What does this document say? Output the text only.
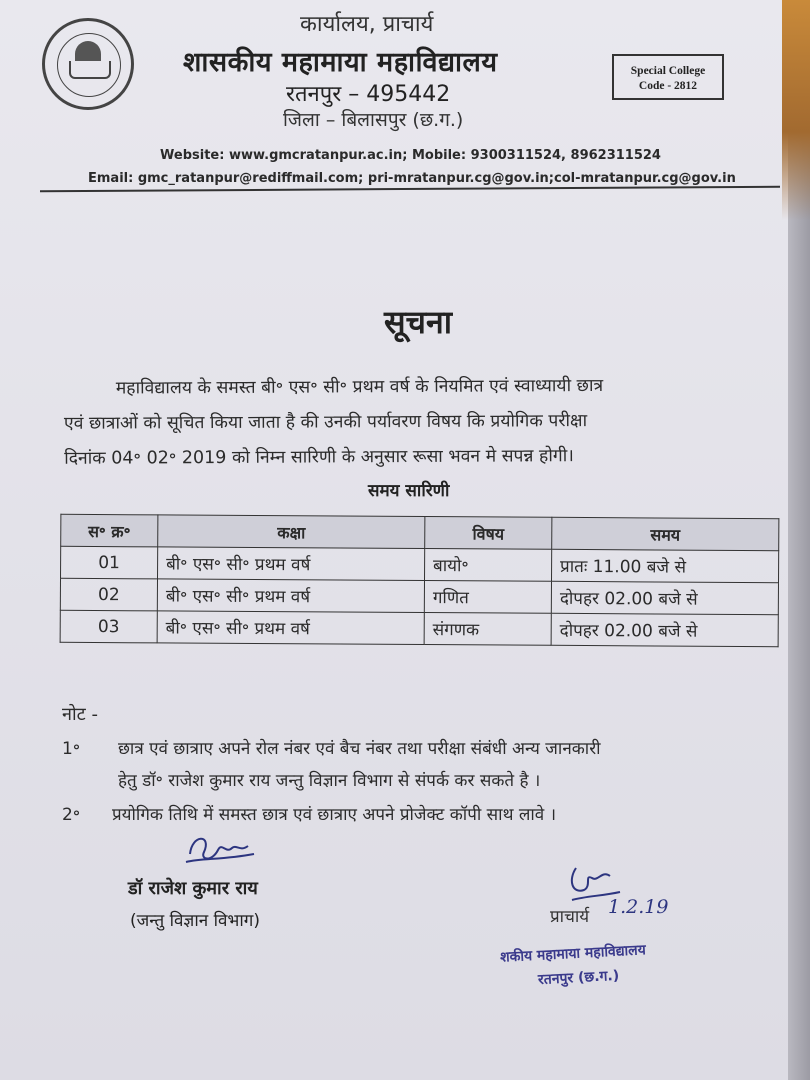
कार्यालय, प्राचार्य
शासकीय महामाया महाविद्यालय
रतनपुर – 495442
जिला – बिलासपुर (छ.ग.)
Special College
Code - 2812
Website: www.gmcratanpur.ac.in; Mobile: 9300311524, 8962311524
Email: gmc_ratanpur@rediffmail.com; pri-mratanpur.cg@gov.in;col-mratanpur.cg@gov.in
सूचना
महाविद्यालय के समस्त बी॰ एस॰ सी॰ प्रथम वर्ष के नियमित एवं स्वाध्यायी छात्र
एवं छात्राओं को सूचित किया जाता है की उनकी पर्यावरण विषय कि प्रयोगिक परीक्षा
दिनांक 04॰ 02॰ 2019 को निम्न सारिणी के अनुसार रूसा भवन मे सपन्न होगी।
समय सारिणी
स॰ क्र॰	कक्षा	विषय	समय
01	बी॰ एस॰ सी॰ प्रथम वर्ष	बायो॰	प्रातः 11.00 बजे से
02	बी॰ एस॰ सी॰ प्रथम वर्ष	गणित	दोपहर 02.00 बजे से
03	बी॰ एस॰ सी॰ प्रथम वर्ष	संगणक	दोपहर 02.00 बजे से
नोट -
1॰ छात्र एवं छात्राए अपने रोल नंबर एवं बैच नंबर तथा परीक्षा संबंधी अन्य जानकारी
हेतु डॉ॰ राजेश कुमार राय जन्तु विज्ञान विभाग से संपर्क कर सकते है ।
2॰ प्रयोगिक तिथि में समस्त छात्र एवं छात्राए अपने प्रोजेक्ट कॉपी साथ लावे ।
डॉ राजेश कुमार राय
(जन्तु विज्ञान विभाग)	प्राचार्य 1.2.19
शकीय महामाया महाविद्यालय
रतनपुर (छ.ग.)
